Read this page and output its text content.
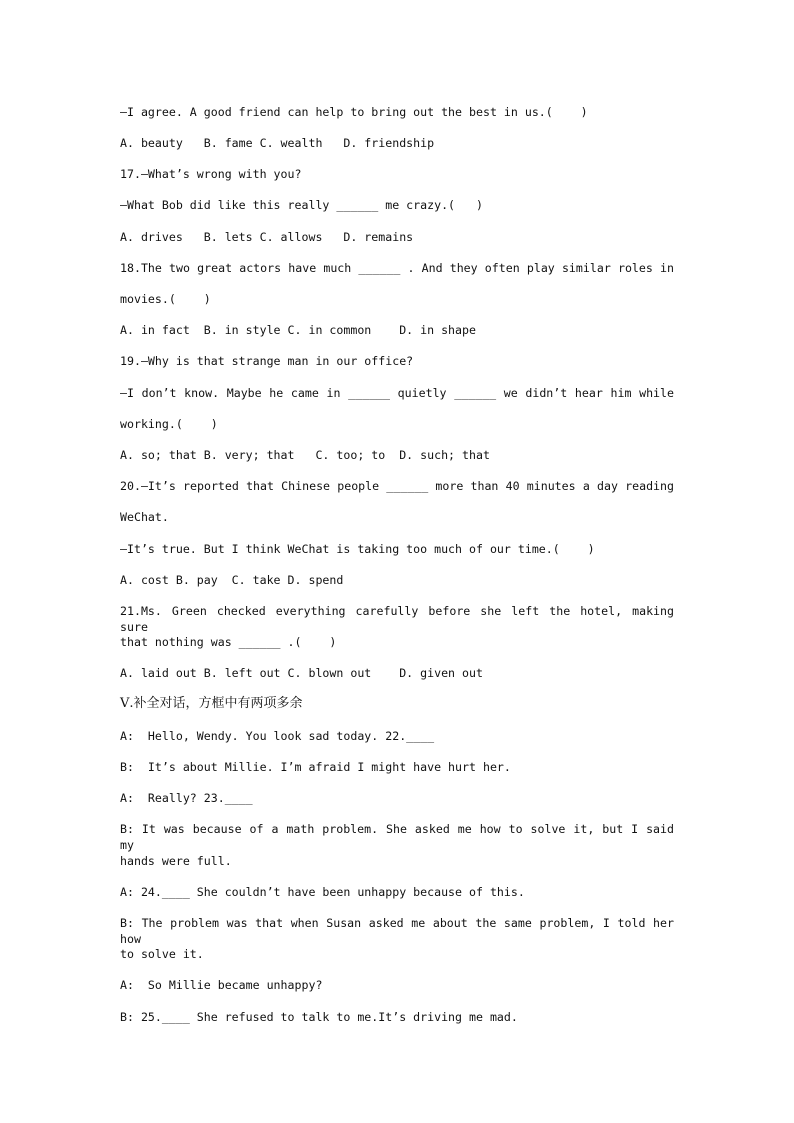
—I agree. A good friend can help to bring out the best in us.(    )
A. beauty   B. fame C. wealth   D. friendship
17.—What’s wrong with you?
—What Bob did like this really ______ me crazy.(   )
A. drives   B. lets C. allows   D. remains
18.The two great actors have much ______ . And they often play similar roles in
movies.(    )
A. in fact  B. in style C. in common    D. in shape
19.—Why is that strange man in our office?
—I don’t know. Maybe he came in ______ quietly ______ we didn’t hear him while
working.(    )
A. so; that B. very; that   C. too; to  D. such; that
20.—It’s reported that Chinese people ______ more than 40 minutes a day reading
WeChat.
—It’s true. But I think WeChat is taking too much of our time.(    )
A. cost B. pay  C. take D. spend
21.Ms. Green checked everything carefully before she left the hotel, making sure
that nothing was ______ .(    )
A. laid out B. left out C. blown out    D. given out
Ⅴ.补全对话，方框中有两项多余
A:  Hello, Wendy. You look sad today. 22.____
B:  It’s about Millie. I’m afraid I might have hurt her.
A:  Really? 23.____
B: It was because of a math problem. She asked me how to solve it, but I said my
hands were full.
A: 24.____ She couldn’t have been unhappy because of this.
B: The problem was that when Susan asked me about the same problem, I told her how
to solve it.
A:  So Millie became unhappy?
B: 25.____ She refused to talk to me.It’s driving me mad.
